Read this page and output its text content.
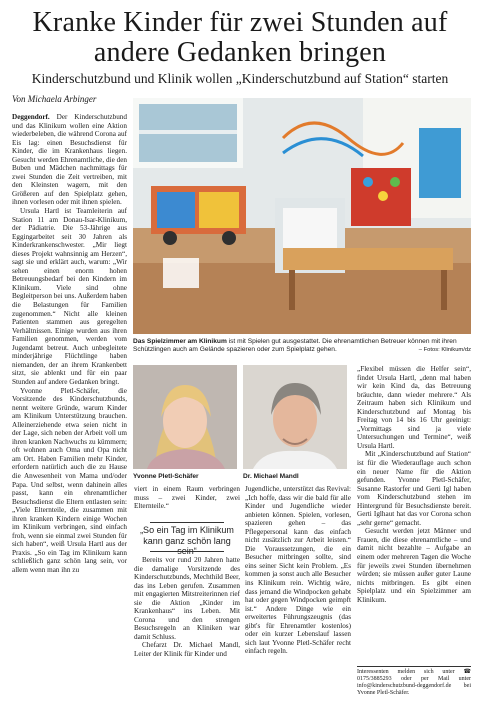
Kranke Kinder für zwei Stunden auf andere Gedanken bringen
Kinderschutzbund und Klinik wollen „Kinderschutzbund auf Station“ starten
Von Michaela Arbinger

Deggendorf. Der Kinderschutzbund und das Klinikum wollen eine Aktion wiederbeleben, die während Corona auf Eis lag: einen Besuchsdienst für Kinder, die im Krankenhaus liegen. Gesucht werden Ehrenamtliche, die den Buben und Mädchen nachmittags für zwei Stunden die Zeit vertreiben, mit den Kleinsten wagern, mit den Größeren auf den Spielplatz gehen, ihnen vorlesen oder mit ihnen spielen.

Ursula Hartl ist Teamleiterin auf Station 11 am Donau-Isar-Klinikum, der Pädiatrie. Die 53-Jährige aus Eggingarbeitet seit 30 Jahren als Kinderkrankenschwester. „Mir liegt dieses Projekt wahnsinnig am Herzen“, sagt sie und erklärt auch, warum: „Wir sehen einen enorm hohen Betreuungsbedarf bei den Kindern im Klinikum. Viele sind ohne Begleitperson bei uns. Außerdem haben die Belastungen für Familien zugenommen.“ Nicht alle kleinen Patienten stammen aus geregelten Verhältnissen. Einige wurden aus ihren Familien genommen, werden vom Jugendamt betreut. Auch unbegleitete minderjährige Flüchtlinge haben niemanden, der an ihrem Krankenbett sitzt, sie ablenkt und für ein paar Stunden auf andere Gedanken bringt.

Yvonne Pletl-Schäfer, die Vorsitzende des Kinderschutzbunds, nennt weitere Gründe, warum Kinder am Klinikum Unterstützung brauchen. Alleinerziehende etwa seien nicht in der Lage, sich neben der Arbeit voll um ihren kranken Nachwuchs zu kümmern; oft wohnen auch Oma und Opa nicht am Ort. Haben Familien mehr Kinder, erfordern natürlich auch die zu Hause die Anwesenheit von Mama und/oder Papa. Und selbst, wenn dahinein alles passt, kann ein ehrenamtlicher Besuchsdienst die Eltern entlasten sein: „Viele Elternteile, die zusammen mit ihren kranken Kindern einige Wochen im Klinikum verbringen, sind einfach froh, wenn sie einmal zwei Stunden für sich haben“, weiß Ursula Hartl aus der Praxis. „So ein Tag im Klinikum kann schließlich ganz schön lang sein, vor allem wenn man ihn zu

Das Spielzimmer am Klinikum ist mit Spielen gut ausgestattet. Die ehrenamtlichen Betreuer können mit ihren Schützlingen auch am Gelände spazieren oder zum Spielplatz gehen.	– Fotos: Klinikum/dz
Yvonne Pletl-Schäfer	Dr. Michael Mandl

viert in einem Raum verbringen muss – zwei Kinder, zwei Elternteile.“

„So ein Tag im Klinikum kann ganz schön lang sein“

Bereits vor rund 20 Jahren hatte die damalige Vorsitzende des Kinderschutzbunds, Mechthild Beer, das ins Leben gerufen. Zusammen mit engagierten Mitstreiterinnen rief sie die Aktion „Kinder im Krankenhaus“ ins Leben. Mit Corona und den strengen Besuchsregeln an Kliniken war damit Schluss.

Chefarzt Dr. Michael Mandl, Leiter der Klinik für Kinder und

Jugendliche, unterstützt das Revival: „Ich hoffe, dass wir die bald für alle Kinder und Jugendliche wieder anbieten können. Spielen, vorlesen, spazieren gehen – das Pflegepersonal kann das einfach nicht zusätzlich zur Arbeit leisten.“ Die Voraussetzungen, die ein Besucher mitbringen sollte, sind eins seiner Sicht kein Problem. „Es kommen ja sonst auch alle Besucher ins Klinikum rein. Wichtig wäre, dass jemand die Windpocken gehabt hat oder gegen Windpocken geimpft ist.“ Andere Dinge wie ein erweitertes Führungszeugnis (das gibt's für Ehrenamtler kostenlos) oder ein kurzer Lebenslauf lassen sich laut Yvonne Pletl-Schäfer recht einfach regeln.

„Flexibel müssen die Helfer sein“, findet Ursula Hartl, „denn mal haben wir kein Kind da, das Betreuung bräuchte, dann wieder mehrere.“ Als Zeitraum haben sich Klinikum und Kinderschutzbund auf Montag bis Freitag von 14 bis 16 Uhr geeinigt: „Vormittags sind ja viele Untersuchungen und Termine“, weiß Ursula Hartl.

Mit „Kinderschutzbund auf Station“ ist für die Wiederauflage auch schon ein neuer Name für die Aktion gefunden. Yvonne Pletl-Schäfer, Susanne Rastorfer und Gerti Igl haben vom Kinderschutzbund stehen im Hintergrund für Besuchsdienste bereit. Gerti Iglhaut hat das vor Corona schon „sehr gerne“ gemacht.

Gesucht werden jetzt Männer und Frauen, die diese ehrenamtliche – und damit nicht bezahlte – Aufgabe an einem oder mehreren Tagen die Woche für jeweils zwei Stunden übernehmen würden; sie müssen außer guter Laune nichts mitbringen. Es gibt einen Spielplatz und ein Spielzimmer am Klinikum.

Interessenten melden sich unter ☎ 0175/3885293 oder per Mail unter info@kinderschutzbund-deggendorf.de bei Yvonne Pletl-Schäfer.
